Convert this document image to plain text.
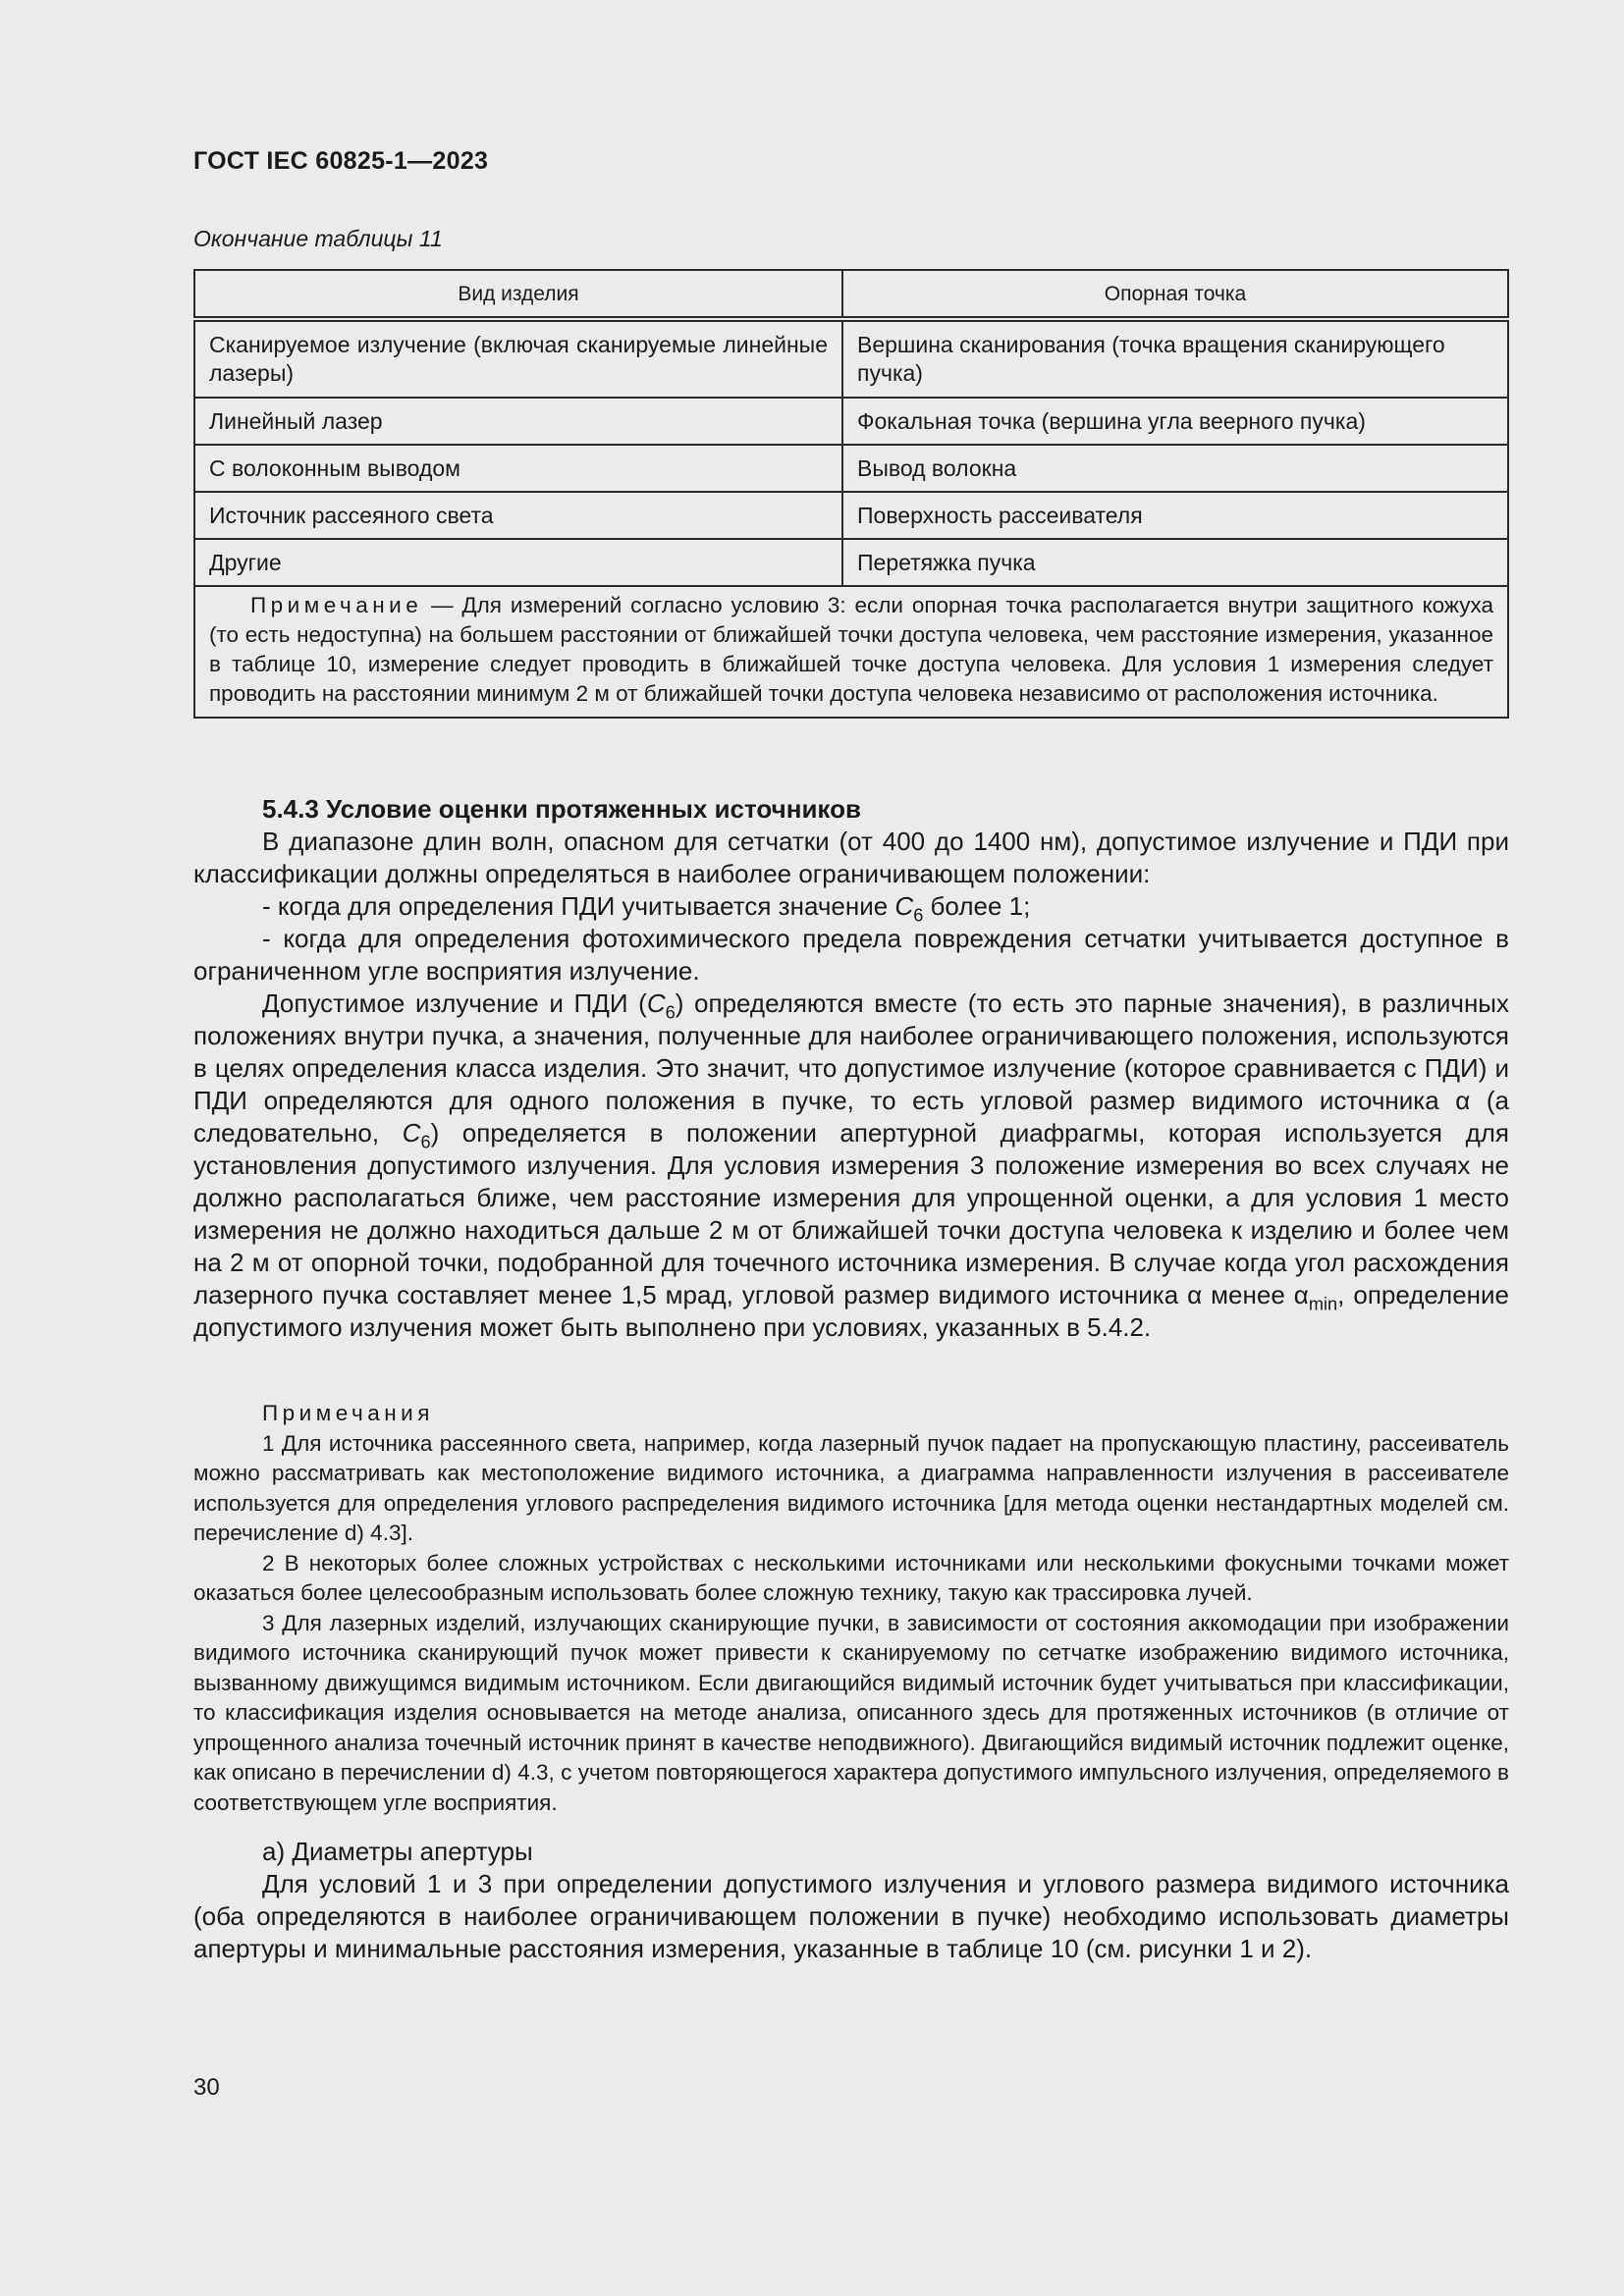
ГОСТ IEC 60825-1—2023
Окончание таблицы 11
Вид изделия	Опорная точка
Сканируемое излучение (включая сканируемые линейные лазеры)	Вершина сканирования (точка вращения сканирующего пучка)
Линейный лазер	Фокальная точка (вершина угла веерного пучка)
С волоконным выводом	Вывод волокна
Источник рассеяного света	Поверхность рассеивателя
Другие	Перетяжка пучка
Примечание — Для измерений согласно условию 3: если опорная точка располагается внутри защитного кожуха (то есть недоступна) на большем расстоянии от ближайшей точки доступа человека, чем расстояние измерения, указанное в таблице 10, измерение следует проводить в ближайшей точке доступа человека. Для условия 1 измерения следует проводить на расстоянии минимум 2 м от ближайшей точки доступа человека независимо от расположения источника.	
5.4.3 Условие оценки протяженных источников

В диапазоне длин волн, опасном для сетчатки (от 400 до 1400 нм), допустимое излучение и ПДИ при классификации должны определяться в наиболее ограничивающем положении:

- когда для определения ПДИ учитывается значение $C_6$ более 1;

- когда для определения фотохимического предела повреждения сетчатки учитывается доступное в ограниченном угле восприятия излучение.

Допустимое излучение и ПДИ $(C_6)$ определяются вместе (то есть это парные значения), в различных положениях внутри пучка, а значения, полученные для наиболее ограничивающего положения, используются в целях определения класса изделия. Это значит, что допустимое излучение (которое сравнивается с ПДИ) и ПДИ определяются для одного положения в пучке, то есть угловой размер видимого источника α (а следовательно, $C_6$) определяется в положении апертурной диафрагмы, которая используется для установления допустимого излучения. Для условия измерения 3 положение измерения во всех случаях не должно располагаться ближе, чем расстояние измерения для упрощенной оценки, а для условия 1 место измерения не должно находиться дальше 2 м от ближайшей точки доступа человека к изделию и более чем на 2 м от опорной точки, подобранной для точечного источника измерения. В случае когда угол расхождения лазерного пучка составляет менее 1,5 мрад, угловой размер видимого источника α менее $\alpha_{min}$, определение допустимого излучения может быть выполнено при условиях, указанных в 5.4.2.

Примечания

1 Для источника рассеянного света, например, когда лазерный пучок падает на пропускающую пластину, рассеиватель можно рассматривать как местоположение видимого источника, а диаграмма направленности излучения в рассеивателе используется для определения углового распределения видимого источника [для метода оценки нестандартных моделей см. перечисление d) 4.3].

2 В некоторых более сложных устройствах с несколькими источниками или несколькими фокусными точками может оказаться более целесообразным использовать более сложную технику, такую как трассировка лучей.

3 Для лазерных изделий, излучающих сканирующие пучки, в зависимости от состояния аккомодации при изображении видимого источника сканирующий пучок может привести к сканируемому по сетчатке изображению видимого источника, вызванному движущимся видимым источником. Если двигающийся видимый источник будет учитываться при классификации, то классификация изделия основывается на методе анализа, описанного здесь для протяженных источников (в отличие от упрощенного анализа точечный источник принят в качестве неподвижного). Двигающийся видимый источник подлежит оценке, как описано в перечислении d) 4.3, с учетом повторяющегося характера допустимого импульсного излучения, определяемого в соответствующем угле восприятия.

а) Диаметры апертуры

Для условий 1 и 3 при определении допустимого излучения и углового размера видимого источника (оба определяются в наиболее ограничивающем положении в пучке) необходимо использовать диаметры апертуры и минимальные расстояния измерения, указанные в таблице 10 (см. рисунки 1 и 2).

30
